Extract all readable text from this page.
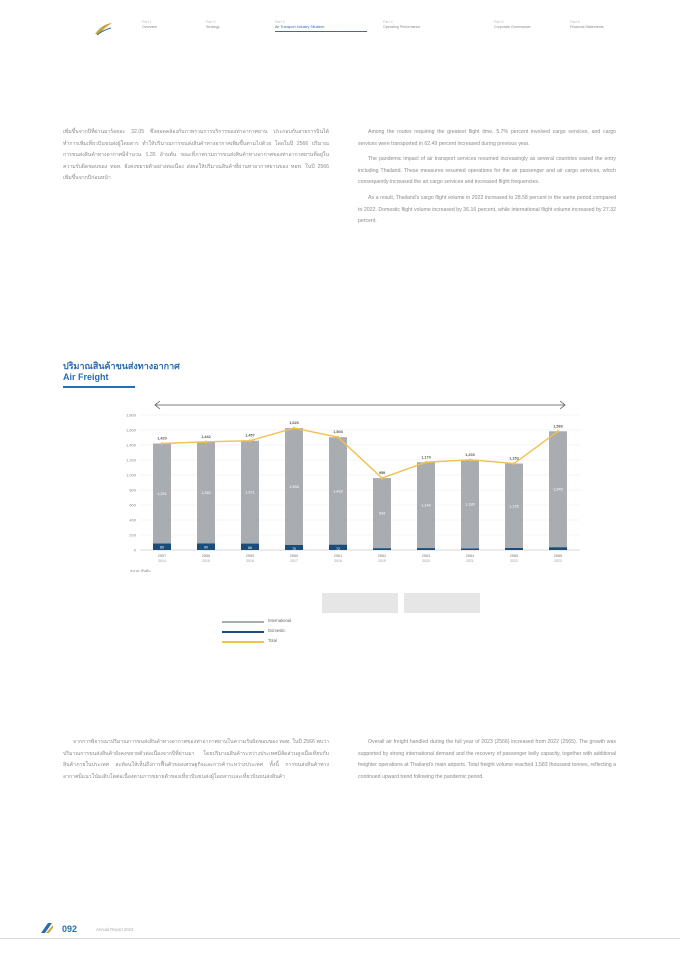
Part 1
Overview
Part 2
Strategy
Part 3
Air Transport Industry Situation
Part 4
Operating Performance
Part 5
Corporate Governance
Part 6
Financial Statements

เพิ่มขึ้นจากปีที่ผ่านมาร้อยละ 32.05 ซึ่งสอดคล้องกับภาพรวมการบริการของท่าอากาศยาน ประกอบกับสายการบินได้ทำการเพิ่มเที่ยวบินขนส่งผู้โดยสาร ทำให้ปริมาณการขนส่งสินค้าทางอากาศเพิ่มขึ้นตามไปด้วย โดยในปี 2566 ปริมาณการขนส่งสินค้าทางอากาศมีจำนวน 1.35 ล้านตัน ขณะที่ภาพรวมการขนส่งสินค้าทางอากาศของท่าอากาศยานที่อยู่ในความรับผิดชอบของ ทอท. ยังคงขยายตัวอย่างต่อเนื่อง ส่งผลให้ปริมาณสินค้าที่ผ่านท่าอากาศยานของ ทอท. ในปี 2566 เพิ่มขึ้นจากปีก่อนหน้า

Among the routes requiring the greatest flight time, 5.7% percent involved cargo services, and cargo services were transported in 62.49 percent increased during previous year.

The pandemic impact of air transport services resumed increasingly as several countries eased the entry including Thailand. These measures resumed operations for the air passenger and air cargo services, which consequently increased the air cargo services and increased flight frequencies.

As a result, Thailand's cargo flight volume in 2023 increased to 28.58 percent in the same period compared to 2022. Domestic flight volume increased by 36.16 percent, while international flight volume increased by 27.32 percent.

ปริมาณสินค้าขนส่งทางอากาศ
Air Freight
0
200
400
600
800
1,000
1,200
1,400
1,600
1,800
1,331
89
2557
2014
1,352
90
2558
2015
1,371
86
2559
2016
1,556
70
2560
2017
1,432
72
2561
2018
934
25
2562
2019
1,144
26
2563
2020
1,180
23
2564
2021
1,126
27
2565
2022
1,545
38
2566
2023
1,420	1,442	1,457
1,626
1,504
959
1,170
1,203
1,153
1,583
หน่วย: พันตัน
International
Domestic
Total

จากการพิจารณาปริมาณการขนส่งสินค้าทางอากาศของท่าอากาศยานในความรับผิดชอบของ ทอท. ในปี 2566 พบว่าปริมาณการขนส่งสินค้ายังคงขยายตัวต่อเนื่องจากปีที่ผ่านมา โดยปริมาณสินค้าระหว่างประเทศมีสัดส่วนสูงเมื่อเทียบกับสินค้าภายในประเทศ สะท้อนให้เห็นถึงการฟื้นตัวของเศรษฐกิจและการค้าระหว่างประเทศ ทั้งนี้ การขนส่งสินค้าทางอากาศมีแนวโน้มเติบโตต่อเนื่องตามการขยายตัวของเที่ยวบินขนส่งผู้โดยสารและเที่ยวบินขนส่งสินค้า

Overall air freight handled during the full year of 2023 (2566) increased from 2022 (2565). The growth was supported by strong international demand and the recovery of passenger belly capacity, together with additional freighter operations at Thailand's main airports. Total freight volume reached 1,583 thousand tonnes, reflecting a continued upward trend following the pandemic period.

092	Annual Report 2023
